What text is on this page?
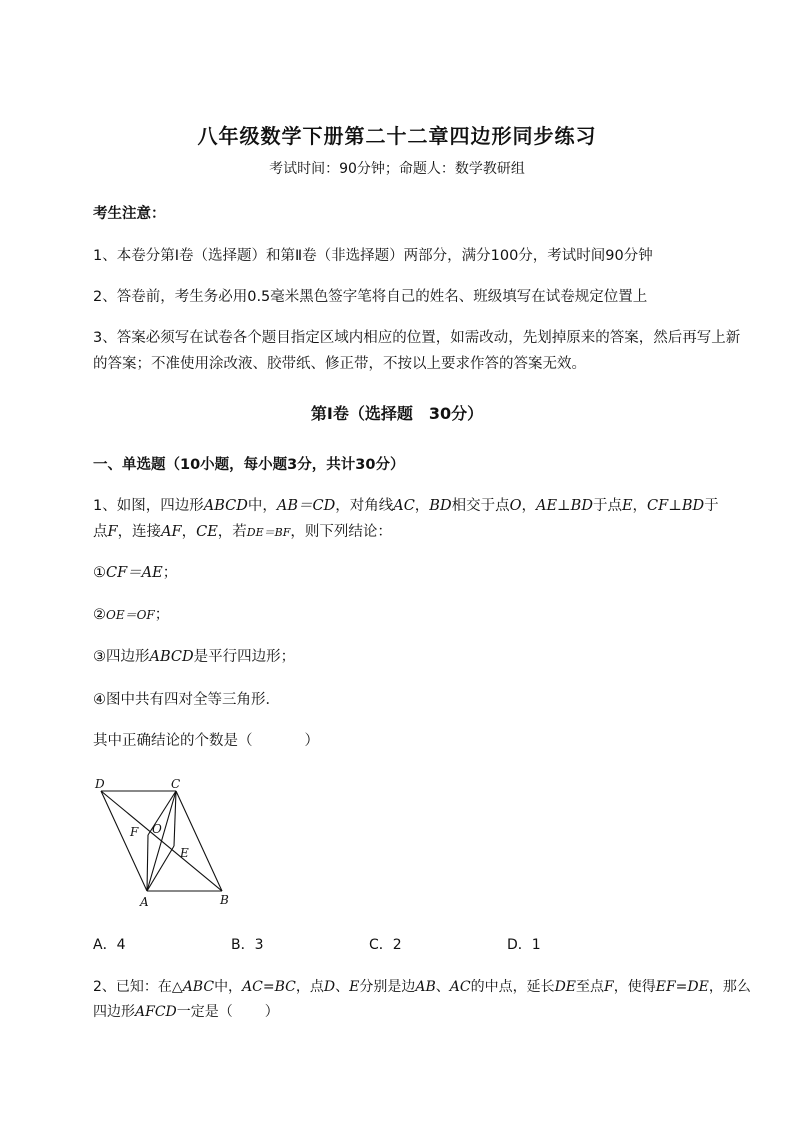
八年级数学下册第二十二章四边形同步练习
考试时间：90分钟；命题人：数学教研组
考生注意：
1、本卷分第Ⅰ卷（选择题）和第Ⅱ卷（非选择题）两部分，满分100分，考试时间90分钟
2、答卷前，考生务必用0.5毫米黑色签字笔将自己的姓名、班级填写在试卷规定位置上
3、答案必须写在试卷各个题目指定区域内相应的位置，如需改动，先划掉原来的答案，然后再写上新
的答案；不准使用涂改液、胶带纸、修正带，不按以上要求作答的答案无效。
第Ⅰ卷（选择题　30分）
一、单选题（10小题，每小题3分，共计30分）
1、如图，四边形ABCD中，AB＝CD，对角线AC，BD相交于点O，AE⊥BD于点E，CF⊥BD于
点F，连接AF，CE，若DE＝BF，则下列结论：
①CF＝AE；
②OE＝OF；
③四边形ABCD是平行四边形；
④图中共有四对全等三角形．
其中正确结论的个数是（	）
D	C
F O
E
A	B
A．4	B．3	C．2	D．1
2、已知：在△ABC中，AC=BC，点D、E分别是边AB、AC的中点，延长DE至点F，使得EF=DE，那么
四边形AFCD一定是（ ）
